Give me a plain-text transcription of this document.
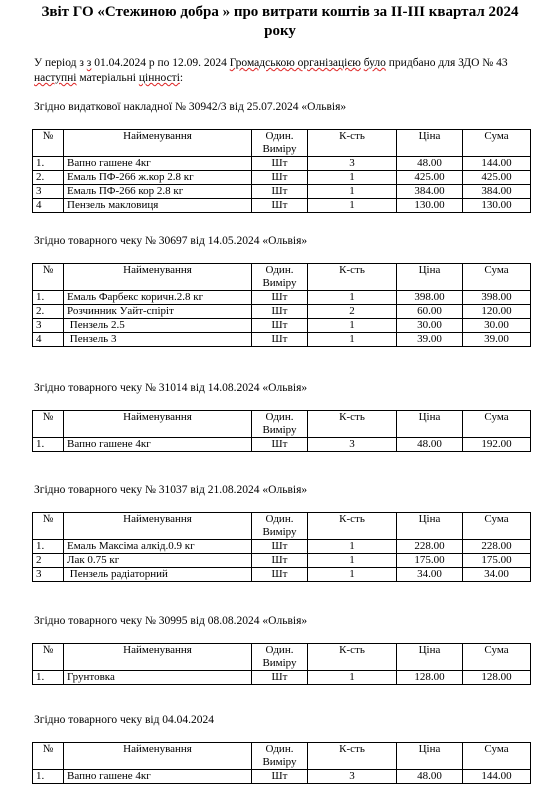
Звіт ГО «Стежиною добра » про витрати коштів за ІІ-ІІІ квартал 2024 року
У період з з 01.04.2024 р по 12.09. 2024 Громадською організацією було придбано для ЗДО № 43 наступні матеріальні цінності:
Згідно видаткової накладної № 30942/3 від 25.07.2024 «Ольвія»
№	Найменування	Один. Виміру	К-сть	Ціна	Сума
1.	Вапно гашене 4кг	Шт	3	48.00	144.00
2.	Емаль ПФ-266 ж.кор 2.8 кг	Шт	1	425.00	425.00
3	Емаль ПФ-266 кор 2.8 кг	Шт	1	384.00	384.00
4	Пензель макловиця	Шт	1	130.00	130.00
Згідно товарного чеку № 30697 від 14.05.2024 «Ольвія»
№	Найменування	Один. Виміру	К-сть	Ціна	Сума
1.	Емаль Фарбекс коричн.2.8 кг	Шт	1	398.00	398.00
2.	Розчинник Уайт-спіріт	Шт	2	60.00	120.00
3	Пензель 2.5	Шт	1	30.00	30.00
4	Пензель 3	Шт	1	39.00	39.00
Згідно товарного чеку № 31014 від 14.08.2024 «Ольвія»
№	Найменування	Один. Виміру	К-сть	Ціна	Сума
1.	Вапно гашене 4кг	Шт	3	48.00	192.00
Згідно товарного чеку № 31037 від 21.08.2024 «Ольвія»
№	Найменування	Один. Виміру	К-сть	Ціна	Сума
1.	Емаль Максіма алкід.0.9 кг	Шт	1	228.00	228.00
2	Лак 0.75 кг	Шт	1	175.00	175.00
3	Пензель радіаторний	Шт	1	34.00	34.00
Згідно товарного чеку № 30995 від 08.08.2024 «Ольвія»
№	Найменування	Один. Виміру	К-сть	Ціна	Сума
1.	Грунтовка	Шт	1	128.00	128.00
Згідно товарного чеку від 04.04.2024
№	Найменування	Один. Виміру	К-сть	Ціна	Сума
1.	Вапно гашене 4кг	Шт	3	48.00	144.00
